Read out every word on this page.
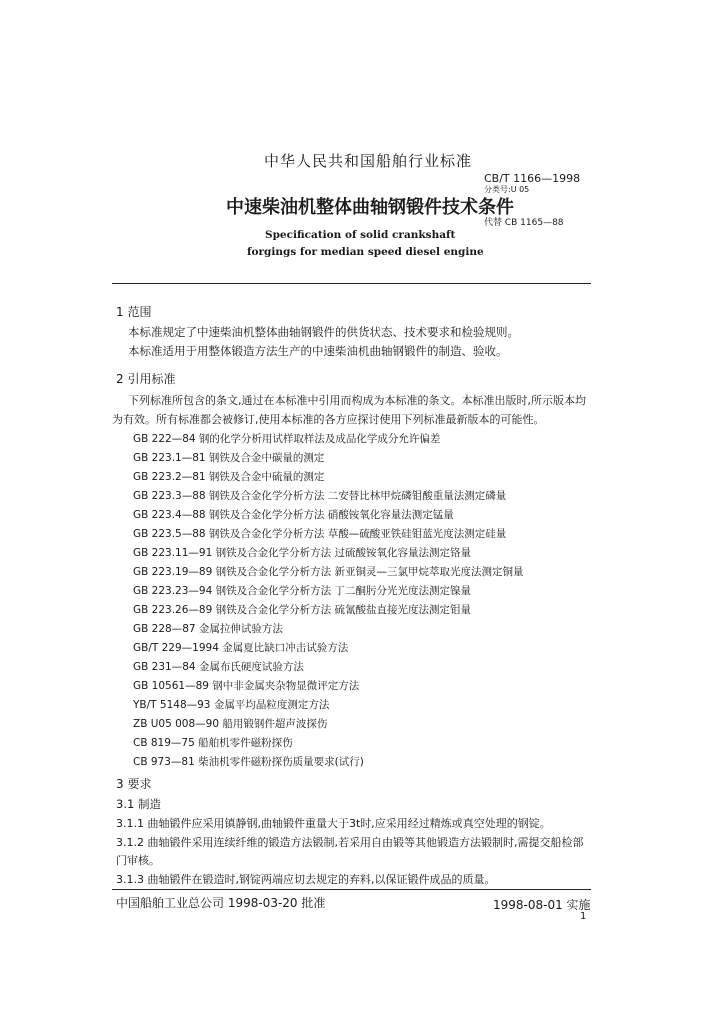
中华人民共和国船舶行业标准
CB/T 1166—1998
分类号:U 05
中速柴油机整体曲轴钢锻件技术条件
代替 CB 1165—88
Specification of solid crankshaft
forgings for median speed diesel engine
1 范围
本标准规定了中速柴油机整体曲轴钢锻件的供货状态、技术要求和检验规则。
本标准适用于用整体锻造方法生产的中速柴油机曲轴钢锻件的制造、验收。
2 引用标准
下列标准所包含的条文,通过在本标准中引用而构成为本标准的条文。本标准出版时,所示版本均
为有效。所有标准都会被修订,使用本标准的各方应探讨使用下列标准最新版本的可能性。
GB 222—84 钢的化学分析用试样取样法及成品化学成分允许偏差
GB 223.1—81 钢铁及合金中碳量的测定
GB 223.2—81 钢铁及合金中硫量的测定
GB 223.3—88 钢铁及合金化学分析方法 二安替比林甲烷磷钼酸重量法测定磷量
GB 223.4—88 钢铁及合金化学分析方法 硝酸铵氧化容量法测定锰量
GB 223.5—88 钢铁及合金化学分析方法 草酸—硫酸亚铁硅钼蓝光度法测定硅量
GB 223.11—91 钢铁及合金化学分析方法 过硫酸铵氧化容量法测定铬量
GB 223.19—89 钢铁及合金化学分析方法 新亚铜灵—三氯甲烷萃取光度法测定铜量
GB 223.23—94 钢铁及合金化学分析方法 丁二酮肟分光光度法测定镍量
GB 223.26—89 钢铁及合金化学分析方法 硫氰酸盐直接光度法测定钼量
GB 228—87 金属拉伸试验方法
GB/T 229—1994 金属夏比缺口冲击试验方法
GB 231—84 金属布氏硬度试验方法
GB 10561—89 钢中非金属夹杂物显微评定方法
YB/T 5148—93 金属平均晶粒度测定方法
ZB U05 008—90 船用锻钢件超声波探伤
CB 819—75 船舶机零件磁粉探伤
CB 973—81 柴油机零件磁粉探伤质量要求(试行)
3 要求
3.1 制造
3.1.1 曲轴锻件应采用镇静钢,曲轴锻件重量大于3t时,应采用经过精炼或真空处理的钢锭。
3.1.2 曲轴锻件采用连续纤维的锻造方法锻制,若采用自由锻等其他锻造方法锻制时,需提交船检部
门审核。
3.1.3 曲轴锻件在锻造时,钢锭两端应切去规定的弃料,以保证锻件成品的质量。
中国船舶工业总公司 1998-03-20 批准	1998-08-01 实施
1
